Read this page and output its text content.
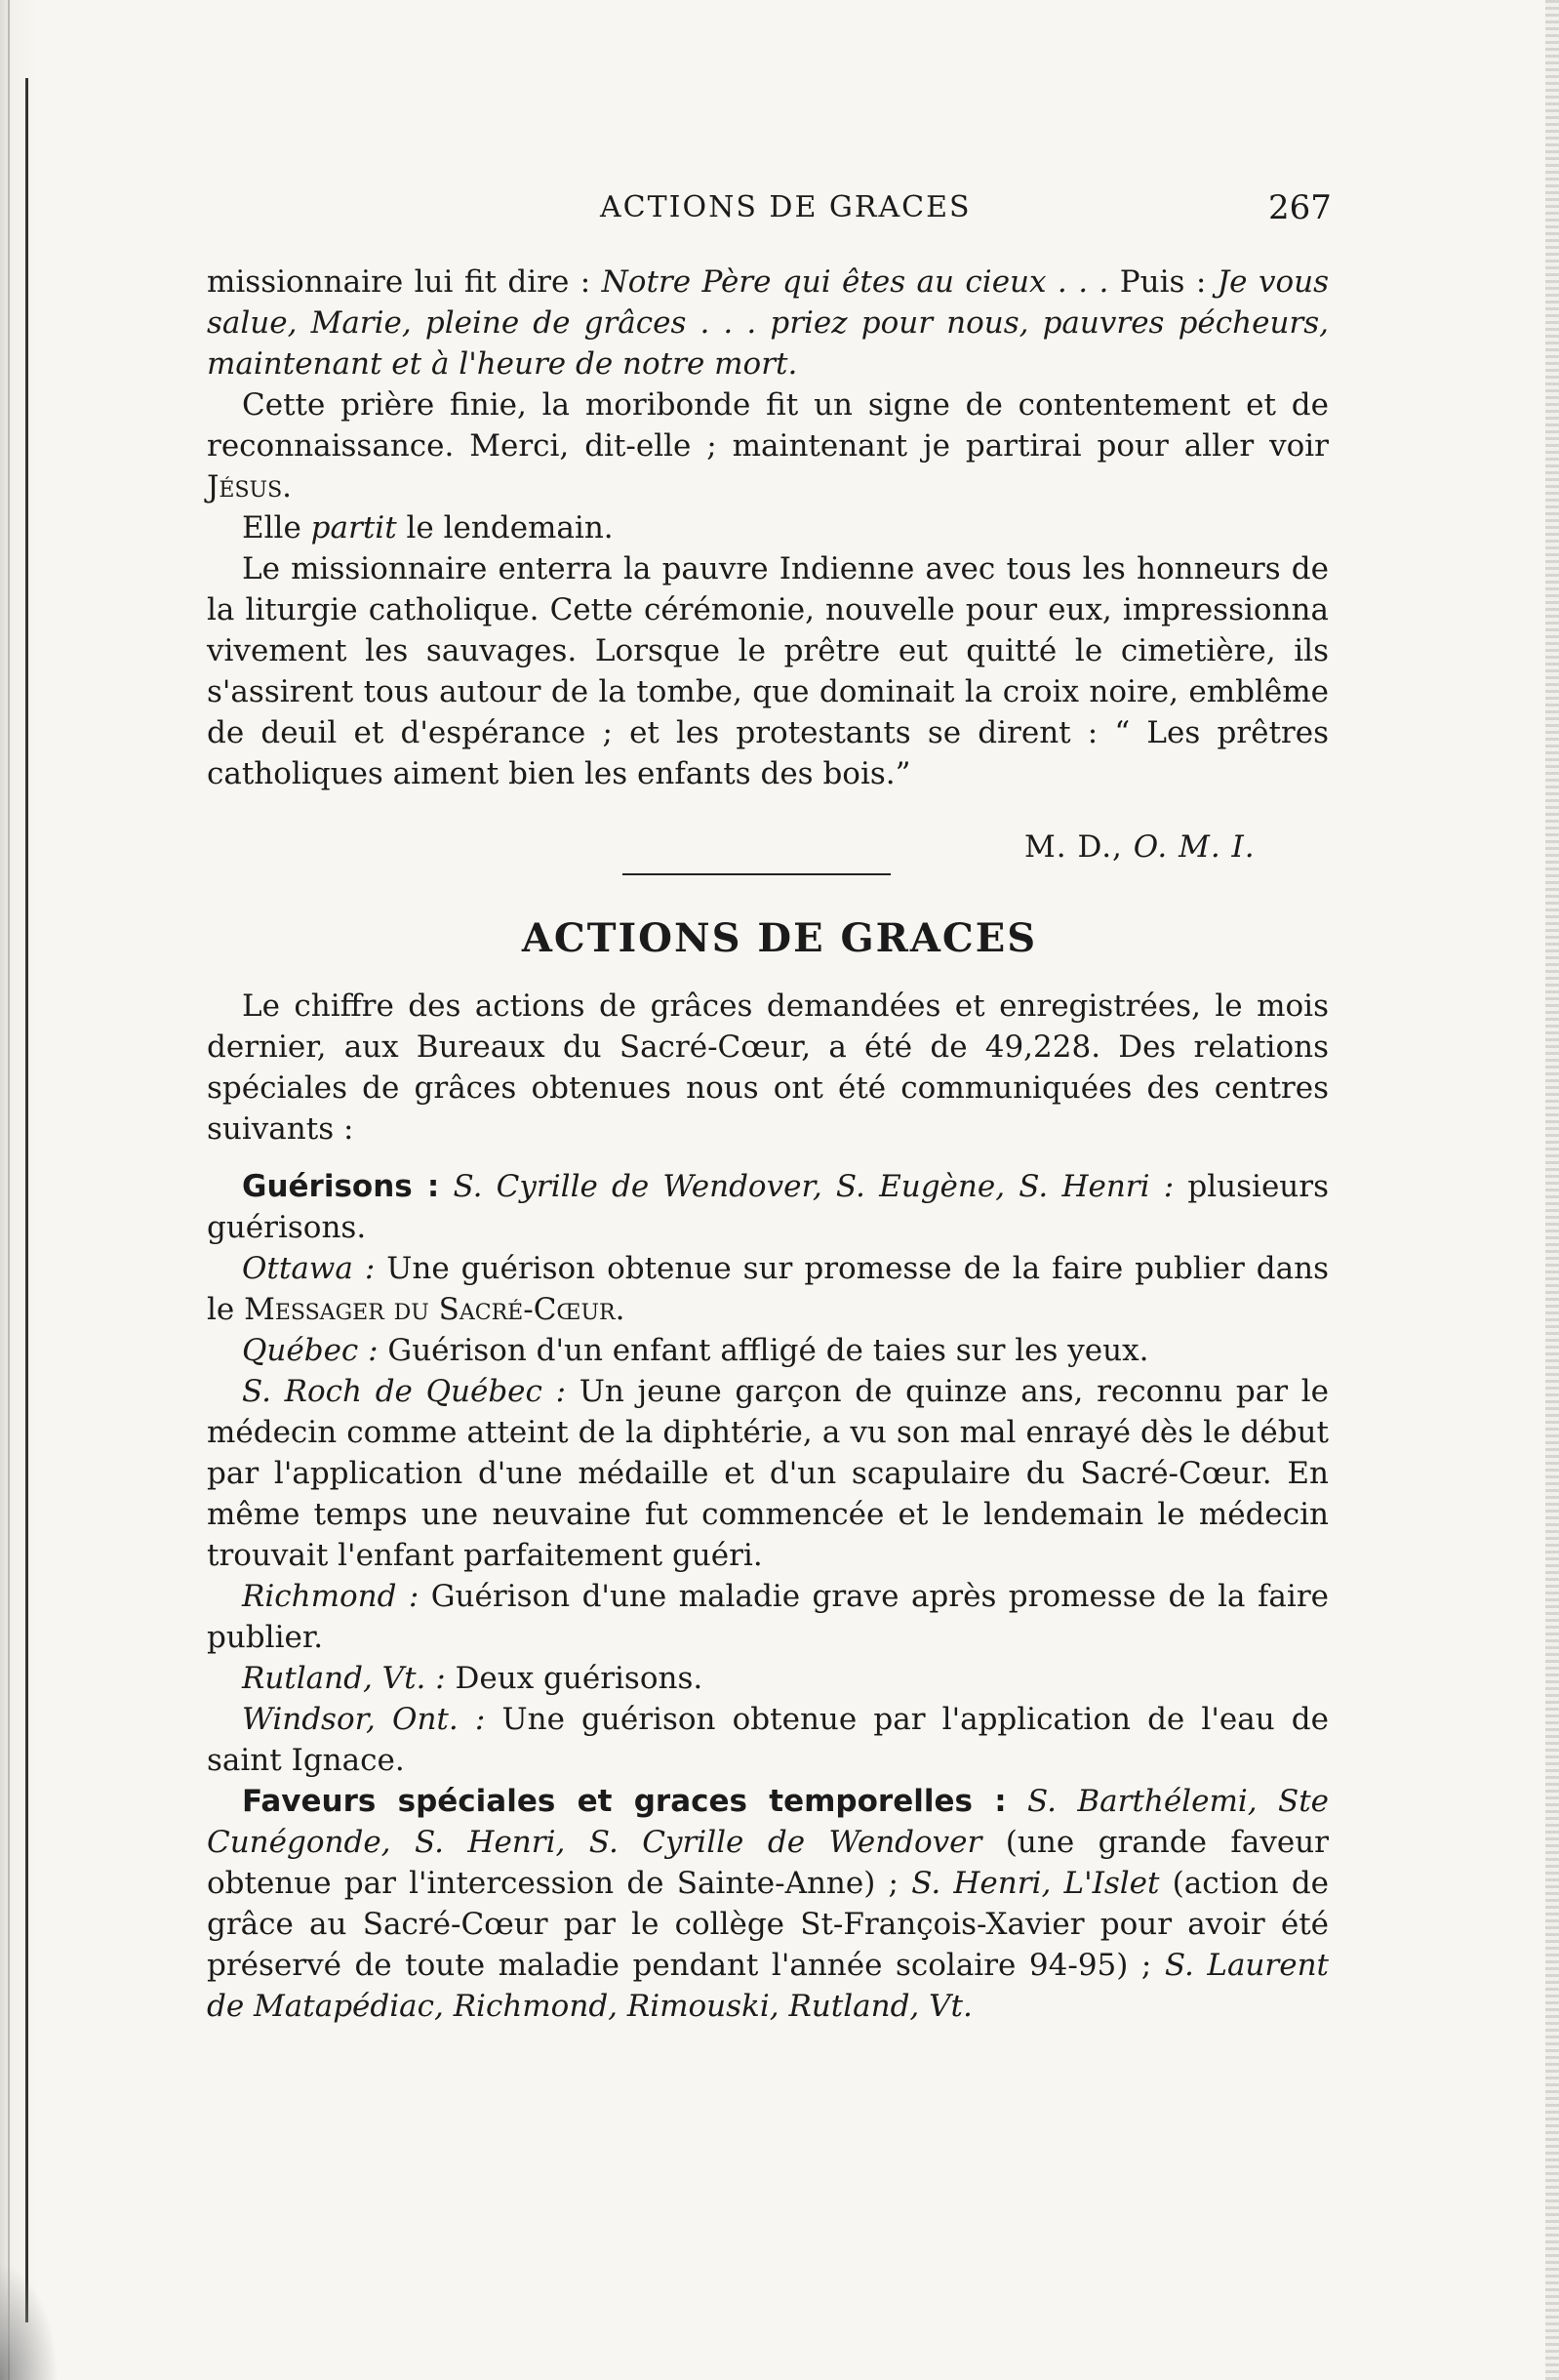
ACTIONS DE GRACES	267

missionnaire lui fit dire : Notre Père qui êtes au cieux . . . Puis : Je vous salue, Marie, pleine de grâces . . . priez pour nous, pauvres pécheurs, maintenant et à l'heure de notre mort.

Cette prière finie, la moribonde fit un signe de contentement et de reconnaissance. Merci, dit-elle ; maintenant je partirai pour aller voir Jésus.

Elle partit le lendemain.

Le missionnaire enterra la pauvre Indienne avec tous les honneurs de la liturgie catholique. Cette cérémonie, nouvelle pour eux, impressionna vivement les sauvages. Lorsque le prêtre eut quitté le cimetière, ils s'assirent tous autour de la tombe, que dominait la croix noire, emblême de deuil et d'espérance ; et les protestants se dirent : “ Les prêtres catholiques aiment bien les enfants des bois.”

M. D., O. M. I.
ACTIONS DE GRACES

Le chiffre des actions de grâces demandées et enregistrées, le mois dernier, aux Bureaux du Sacré-Cœur, a été de 49,228. Des relations spéciales de grâces obtenues nous ont été communiquées des centres suivants :

Guérisons : S. Cyrille de Wendover, S. Eugène, S. Henri : plusieurs guérisons.

Ottawa : Une guérison obtenue sur promesse de la faire publier dans le Messager du Sacré-Cœur.

Québec : Guérison d'un enfant affligé de taies sur les yeux.

S. Roch de Québec : Un jeune garçon de quinze ans, reconnu par le médecin comme atteint de la diphtérie, a vu son mal enrayé dès le début par l'application d'une médaille et d'un scapulaire du Sacré-Cœur. En même temps une neuvaine fut commencée et le lendemain le médecin trouvait l'enfant parfaitement guéri.

Richmond : Guérison d'une maladie grave après promesse de la faire publier.

Rutland, Vt. : Deux guérisons.

Windsor, Ont. : Une guérison obtenue par l'application de l'eau de saint Ignace.

Faveurs spéciales et graces temporelles : S. Barthélemi, Ste Cunégonde, S. Henri, S. Cyrille de Wendover (une grande faveur obtenue par l'intercession de Sainte-Anne) ; S. Henri, L'Islet (action de grâce au Sacré-Cœur par le collège St-François-Xavier pour avoir été préservé de toute maladie pendant l'année scolaire 94-95) ; S. Laurent de Matapédiac, Richmond, Rimouski, Rutland, Vt.
